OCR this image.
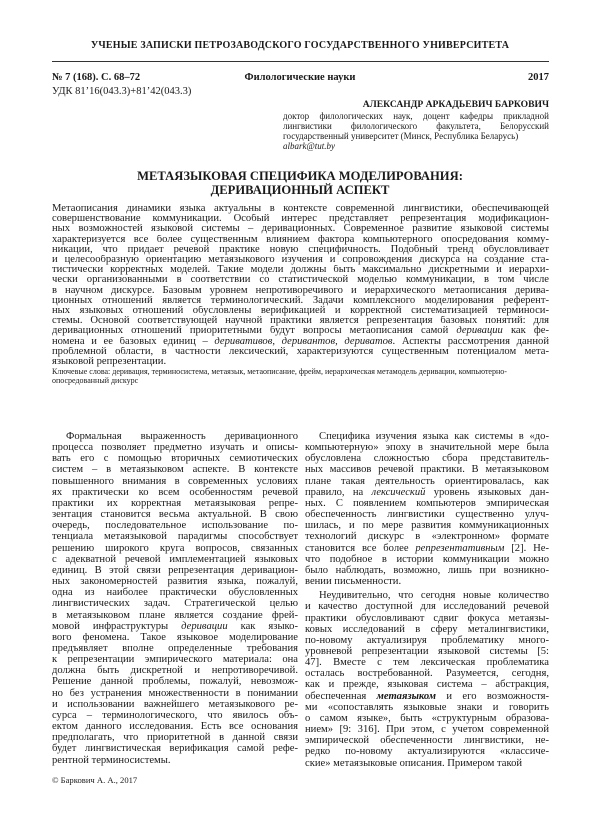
УЧЕНЫЕ ЗАПИСКИ ПЕТРОЗАВОДСКОГО ГОСУДАРСТВЕННОГО УНИВЕРСИТЕТА
№ 7 (168). С. 68–72	Филологические науки	2017
УДК 81’16(043.3)+81’42(043.3)
АЛЕКСАНДР АРКАДЬЕВИЧ БАРКОВИЧ
доктор филологических наук, доцент кафедры прикладной лингвистики филологического факультета, Белорусский государственный университет (Минск, Республика Беларусь)
albark@tut.by
МЕТАЯЗЫКОВАЯ СПЕЦИФИКА МОДЕЛИРОВАНИЯ:
ДЕРИВАЦИОННЫЙ АСПЕКТ
Метаописания динамики языка актуальны в контексте современной лингвистики, обеспечивающей
совершенствование коммуникации. Особый интерес представляет репрезентация модификацион-
ных возможностей языковой системы – деривационных. Современное развитие языковой системы
характеризуется все более существенным влиянием фактора компьютерного опосредования комму-
никации, что придает речевой практике новую специфичность. Подобный тренд обусловливает
и целесообразную ориентацию метаязыкового изучения и сопровождения дискурса на создание ста-
тистически корректных моделей. Такие модели должны быть максимально дискретными и иерархи-
чески организованными в соответствии со статистической моделью коммуникации, в том числе
в научном дискурсе. Базовым уровнем непротиворечивого и иерархического метаописания дерива-
ционных отношений является терминологический. Задачи комплексного моделирования референт-
ных языковых отношений обусловлены верификацией и корректной систематизацией терминоси-
стемы. Основой соответствующей научной практики является репрезентация базовых понятий: для
деривационных отношений приоритетными будут вопросы метаописания самой деривации как фе-
номена и ее базовых единиц – деривативов, деривантов, дериватов. Аспекты рассмотрения данной
проблемной области, в частности лексический, характеризуются существенным потенциалом мета-
языковой репрезентации.
Ключевые слова: деривация, терминосистема, метаязык, метаописание, фрейм, иерархическая метамодель деривации, компьютерно-опосредованный дискурс
Формальная выраженность деривационного
процесса позволяет предметно изучать и описы-
вать его с помощью вторичных семиотических
систем – в метаязыковом аспекте. В контексте
повышенного внимания в современных условиях
ях практически ко всем особенностям речевой
практики их корректная метаязыковая репре-
зентация становится весьма актуальной. В свою
очередь, последовательное использование по-
тенциала метаязыковой парадигмы способствует
решению широкого круга вопросов, связанных
с адекватной речевой имплементацией языковых
единиц. В этой связи репрезентация деривацион-
ных закономерностей развития языка, пожалуй,
одна из наиболее практически обусловленных
лингвистических задач. Стратегической целью
в метаязыковом плане является создание фрей-
мовой инфраструктуры деривации как языко-
вого феномена. Такое языковое моделирование
предъявляет вполне определенные требования
к репрезентации эмпирического материала: она
должна быть дискретной и непротиворечивой.
Решение данной проблемы, пожалуй, невозмож-
но без устранения множественности в понимании
и использовании важнейшего метаязыкового ре-
сурса – терминологического, что явилось объ-
ектом данного исследования. Есть все основания
предполагать, что приоритетной в данной связи
будет лингвистическая верификация само́й рефе-
рентной терминосистемы.
Специфика изучения языка как системы в «до-
компьютерную» эпоху в значительной мере была
обусловлена сложностью сбора представитель-
ных массивов речевой практики. В метаязыковом
плане такая деятельность ориентировалась, как
правило, на лексический уровень языковых дан-
ных. С появлением компьютеров эмпирическая
обеспеченность лингвистики существенно улуч-
шилась, и по мере развития коммуникационных
технологий дискурс в «электронном» формате
становится все более репрезентативным [2]. Не-
что подобное в истории коммуникации можно
было наблюдать, возможно, лишь при возникно-
вении письменности.
Неудивительно, что сегодня новые количество
и качество доступной для исследований речевой
практики обусловливают сдвиг фокуса метаязы-
ковых исследований в сферу металингвистики,
по-новому актуализируя проблематику много-
уровневой репрезентации языковой системы [5:
47]. Вместе с тем лексическая проблематика
осталась востребованной. Разумеется, сегодня,
как и прежде, языковая система – абстракция,
обеспеченная метаязыком и его возможностя-
ми «сопоставлять языковые знаки и говорить
о самом языке», быть «структурным образова-
нием» [9: 316]. При этом, с учетом современной
эмпирической обеспеченности лингвистики, не-
редко по-новому актуализируются «классиче-
ские» метаязыковые описания. Примером такой
© Баркович А. А., 2017
